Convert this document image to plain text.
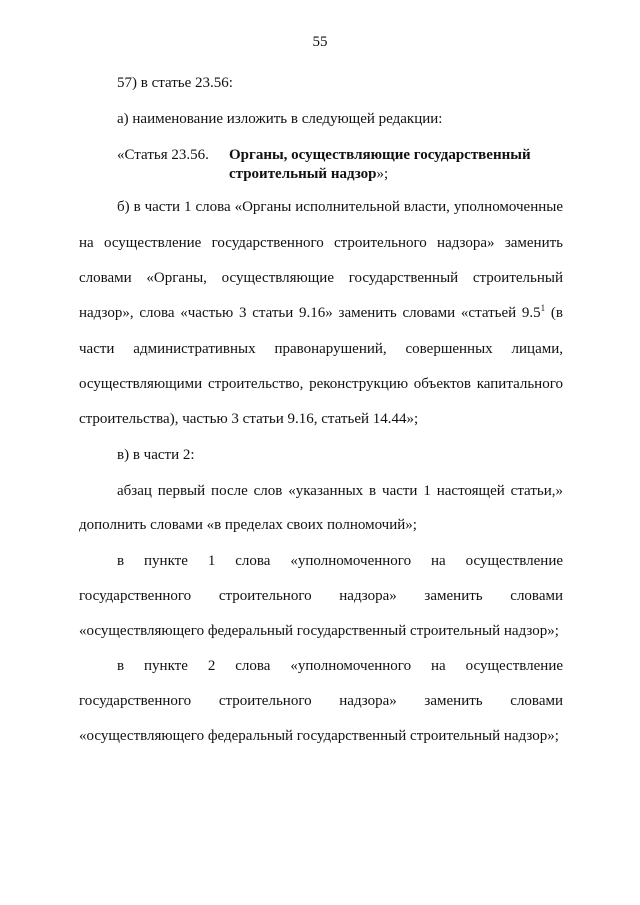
55
57) в статье 23.56:
а) наименование изложить в следующей редакции:
«Статья 23.56. Органы, осуществляющие государственный
строительный надзор»;
б) в части 1 слова «Органы исполнительной власти, уполномоченные
на осуществление государственного строительного надзора» заменить
словами «Органы, осуществляющие государственный строительный
надзор», слова «частью 3 статьи 9.16» заменить словами «статьей $9.5^1$ (в
части административных правонарушений, совершенных лицами,
осуществляющими строительство, реконструкцию объектов капитального
строительства), частью 3 статьи 9.16, статьей 14.44»;
в) в части 2:
абзац первый после слов «указанных в части 1 настоящей статьи,»
дополнить словами «в пределах своих полномочий»;
в пункте 1 слова «уполномоченного на осуществление
государственного строительного надзора» заменить словами
«осуществляющего федеральный государственный строительный надзор»;
в пункте 2 слова «уполномоченного на осуществление
государственного строительного надзора» заменить словами
«осуществляющего федеральный государственный строительный надзор»;
